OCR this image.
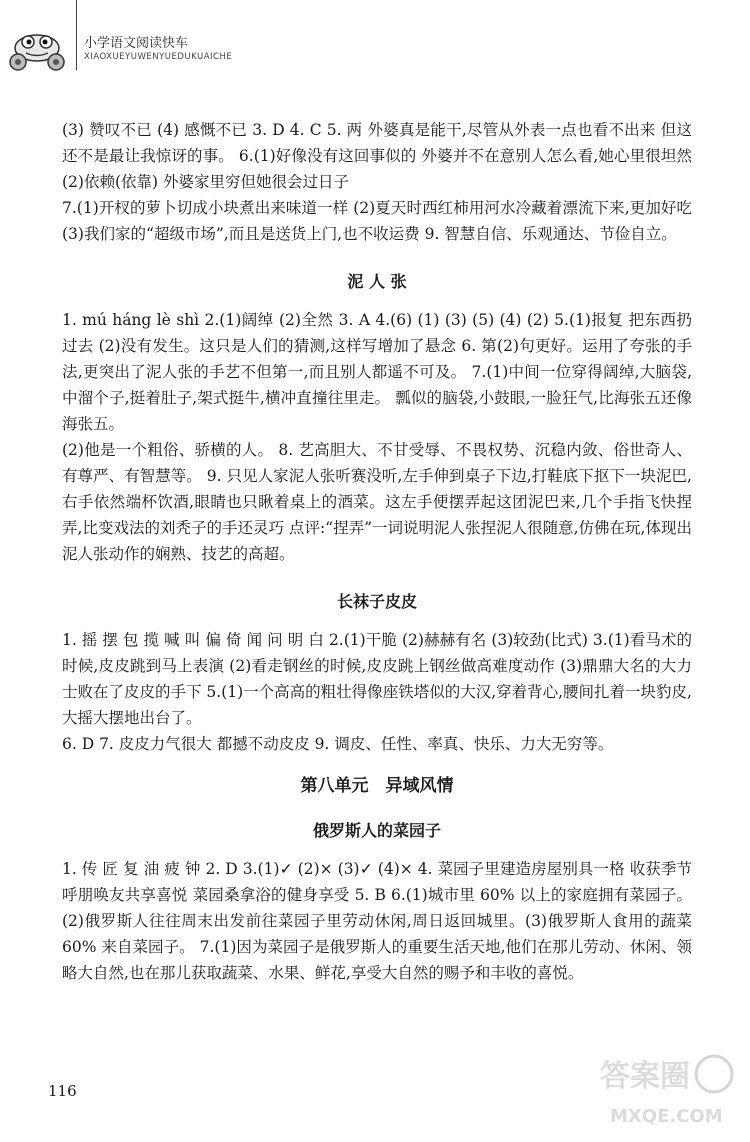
小学语文阅读快车
XIAOXUEYUWENYUEDUKUAICHE

(3) 赞叹不已 (4) 感慨不已 3. D 4. C 5. 两 外婆真是能干,尽管从外表一点也看不出来 但这还不是最让我惊讶的事。 6.(1)好像没有这回事似的 外婆并不在意别人怎么看,她心里很坦然 (2)依赖(依靠) 外婆家里穷但她很会过日子

7.(1)开杈的萝卜切成小块煮出来味道一样 (2)夏天时西红柿用河水冷藏着漂流下来,更加好吃 (3)我们家的“超级市场”,而且是送货上门,也不收运费 9. 智慧自信、乐观通达、节俭自立。

泥 人 张

1. mú háng lè shì 2.(1)阔绰 (2)全然 3. A 4.(6) (1) (3) (5) (4) (2) 5.(1)报复 把东西扔过去 (2)没有发生。这只是人们的猜测,这样写增加了悬念 6. 第(2)句更好。运用了夸张的手法,更突出了泥人张的手艺不但第一,而且别人都遥不可及。 7.(1)中间一位穿得阔绰,大脑袋,中溜个子,挺着肚子,架式挺牛,横冲直撞往里走。 瓢似的脑袋,小鼓眼,一脸狂气,比海张五还像海张五。

(2)他是一个粗俗、骄横的人。 8. 艺高胆大、不甘受辱、不畏权势、沉稳内敛、俗世奇人、有尊严、有智慧等。 9. 只见人家泥人张听赛没听,左手伸到桌子下边,打鞋底下抠下一块泥巴,右手依然端杯饮酒,眼睛也只瞅着桌上的酒菜。这左手便摆弄起这团泥巴来,几个手指飞快捏弄,比变戏法的刘秃子的手还灵巧 点评:“捏弄”一词说明泥人张捏泥人很随意,仿佛在玩,体现出泥人张动作的娴熟、技艺的高超。

长袜子皮皮

1. 摇 摆 包 揽 喊 叫 偏 倚 闻 问 明 白 2.(1)干脆 (2)赫赫有名 (3)较劲(比式) 3.(1)看马术的时候,皮皮跳到马上表演 (2)看走钢丝的时候,皮皮跳上钢丝做高难度动作 (3)鼎鼎大名的大力士败在了皮皮的手下 5.(1)一个高高的粗壮得像座铁塔似的大汉,穿着背心,腰间扎着一块豹皮,大摇大摆地出台了。

6. D 7. 皮皮力气很大 都撼不动皮皮 9. 调皮、任性、率真、快乐、力大无穷等。

第八单元　异域风情
俄罗斯人的菜园子

1. 传 匠 复 油 疲 钟 2. D 3.(1)✓ (2)× (3)✓ (4)× 4. 菜园子里建造房屋别具一格 收获季节呼朋唤友共享喜悦 菜园桑拿浴的健身享受 5. B 6.(1)城市里 60% 以上的家庭拥有菜园子。(2)俄罗斯人往往周末出发前往菜园子里劳动休闲,周日返回城里。(3)俄罗斯人食用的蔬菜 60% 来自菜园子。 7.(1)因为菜园子是俄罗斯人的重要生活天地,他们在那儿劳动、休闲、领略大自然,也在那儿获取蔬菜、水果、鲜花,享受大自然的赐予和丰收的喜悦。

116	答案圈
MXQE.COM
